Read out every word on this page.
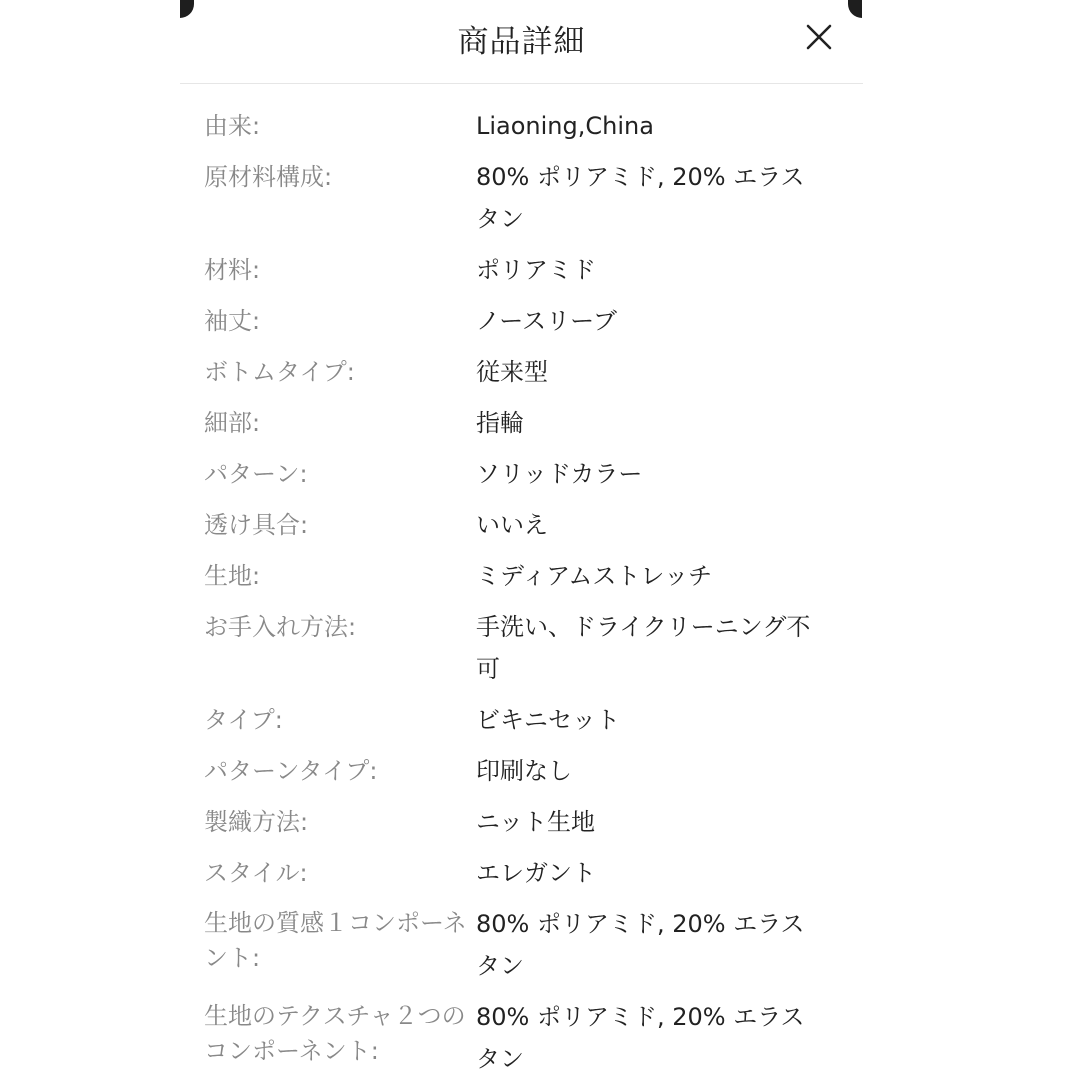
商品詳細
由来:	Liaoning,China
原材料構成:	80% ポリアミド, 20% エラスタン
材料:	ポリアミド
袖丈:	ノースリーブ
ボトムタイプ:	従来型
細部:	指輪
パターン:	ソリッドカラー
透け具合:	いいえ
生地:	ミディアムストレッチ
お手入れ方法:	手洗い、ドライクリーニング不可
タイプ:	ビキニセット
パターンタイプ:	印刷なし
製織方法:	ニット生地
スタイル:	エレガント
生地の質感１コンポーネント:
80% ポリアミド, 20% エラスタン
生地のテクスチャ２つのコンポーネント:
80% ポリアミド, 20% エラスタン
